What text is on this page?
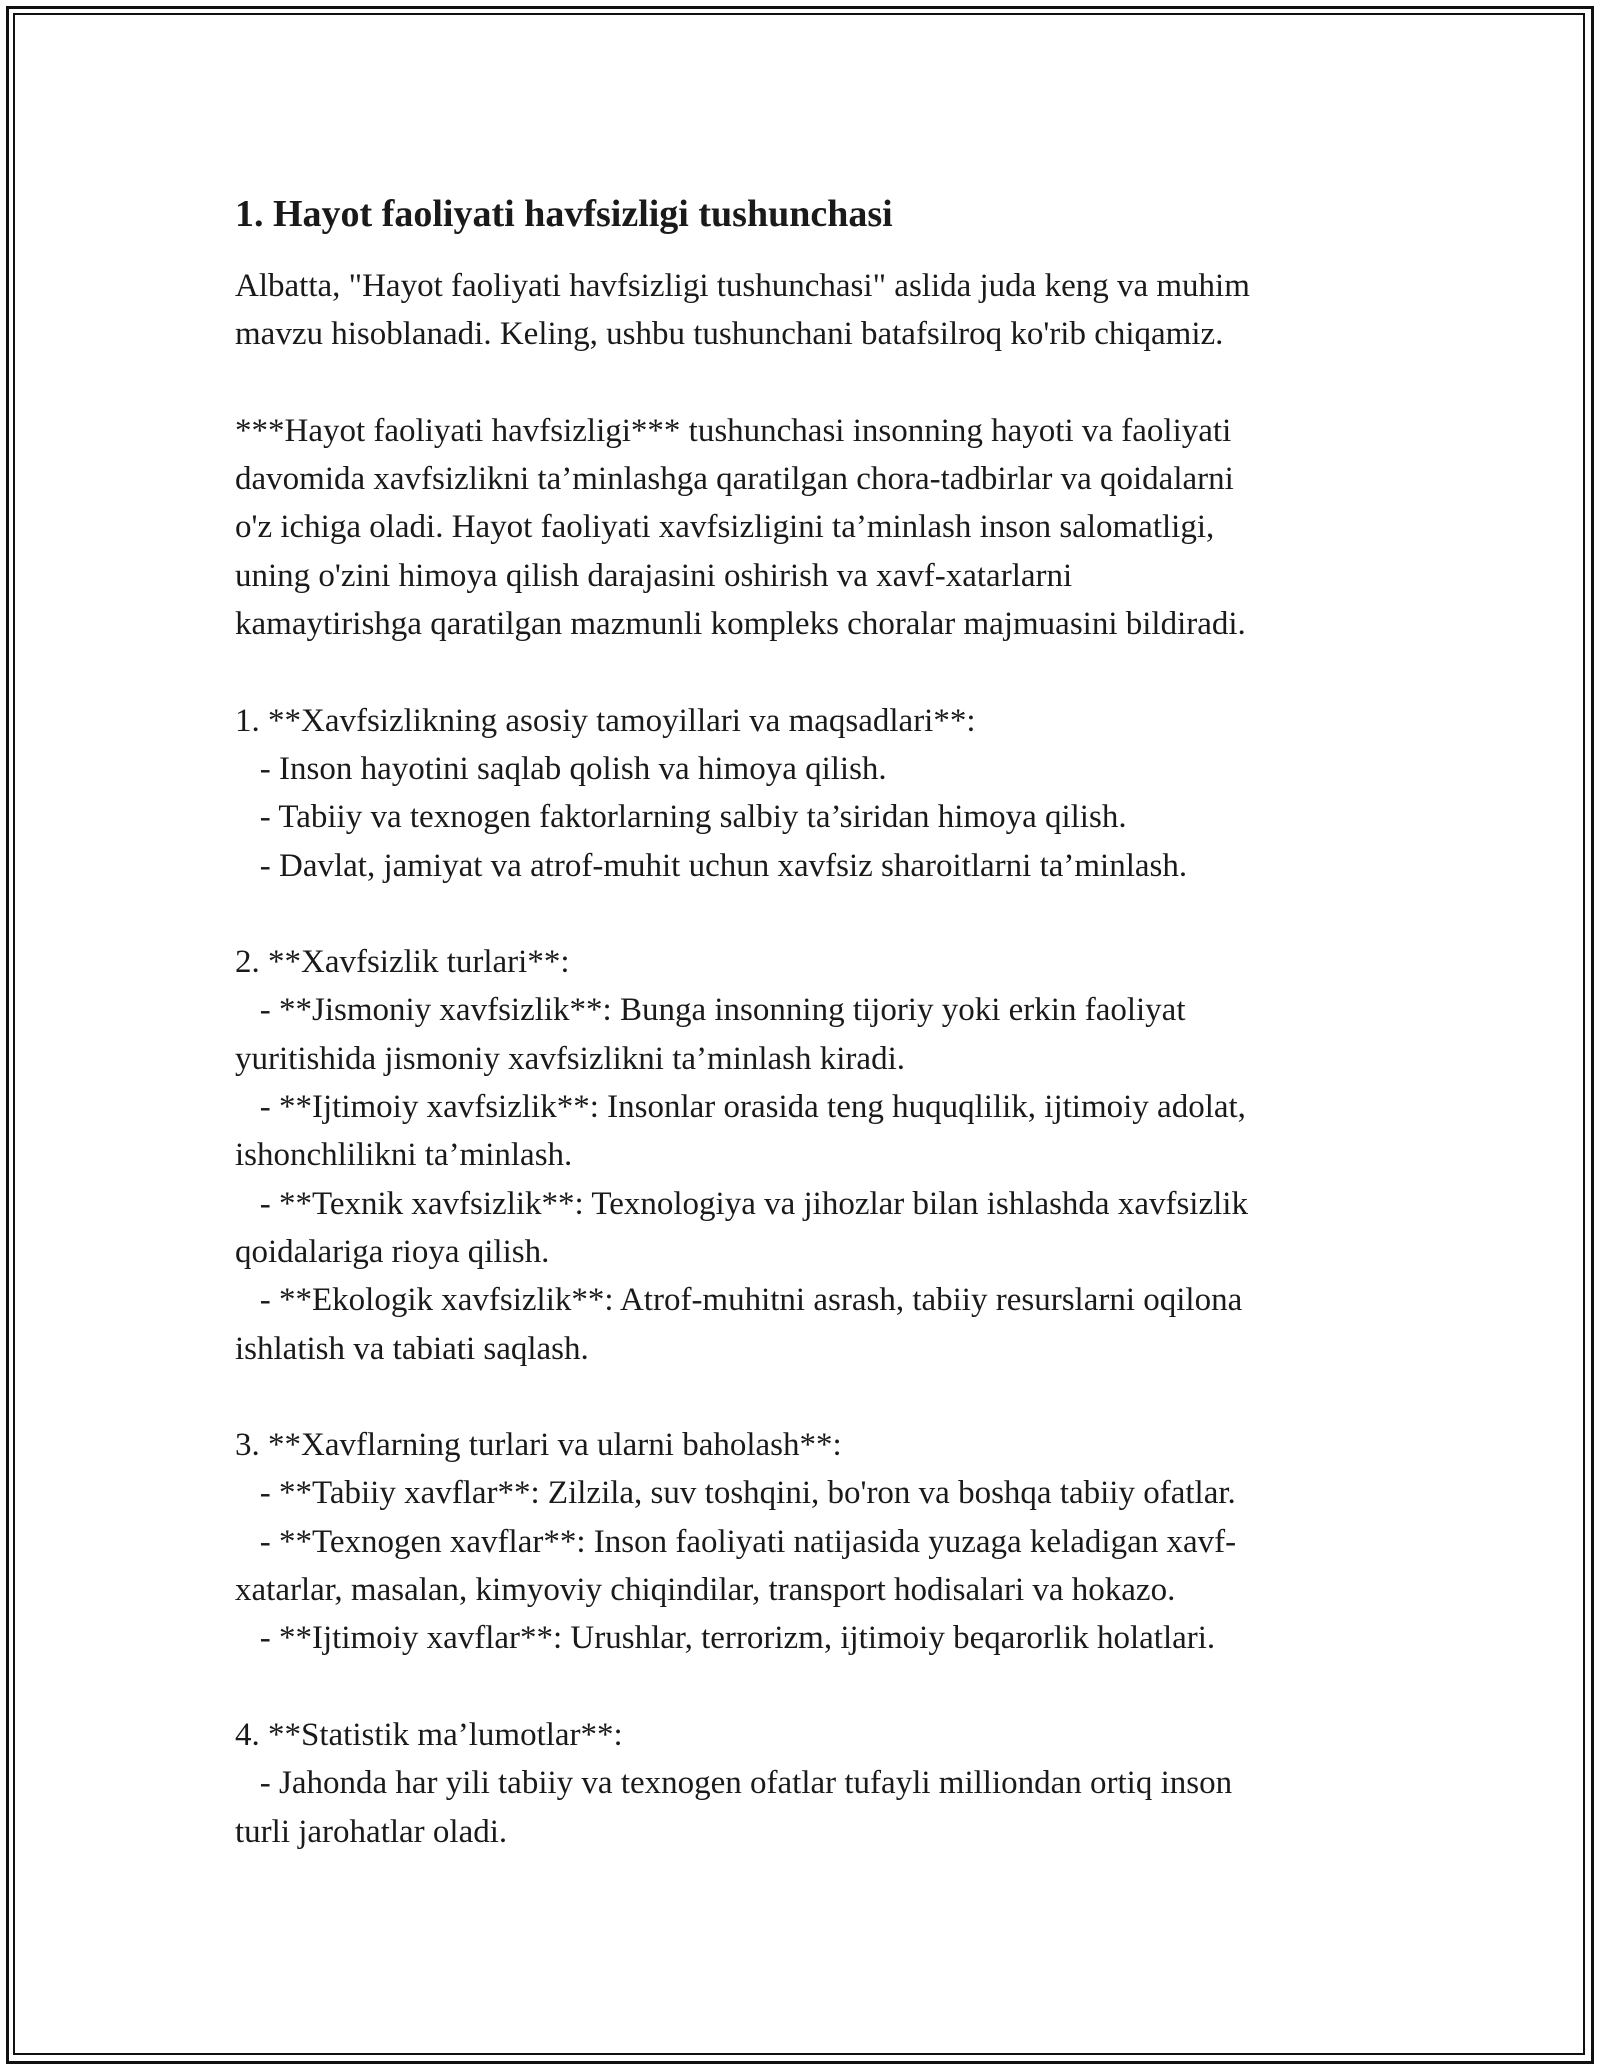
1. Hayot faoliyati havfsizligi tushunchasi

Albatta, "Hayot faoliyati havfsizligi tushunchasi" aslida juda keng va muhim
mavzu hisoblanadi. Keling, ushbu tushunchani batafsilroq ko'rib chiqamiz.

***Hayot faoliyati havfsizligi*** tushunchasi insonning hayoti va faoliyati
davomida xavfsizlikni ta’minlashga qaratilgan chora-tadbirlar va qoidalarni
o'z ichiga oladi. Hayot faoliyati xavfsizligini ta’minlash inson salomatligi,
uning o'zini himoya qilish darajasini oshirish va xavf-xatarlarni
kamaytirishga qaratilgan mazmunli kompleks choralar majmuasini bildiradi.

1. **Xavfsizlikning asosiy tamoyillari va maqsadlari**:
- Inson hayotini saqlab qolish va himoya qilish.
- Tabiiy va texnogen faktorlarning salbiy ta’siridan himoya qilish.
- Davlat, jamiyat va atrof-muhit uchun xavfsiz sharoitlarni ta’minlash.

2. **Xavfsizlik turlari**:
- **Jismoniy xavfsizlik**: Bunga insonning tijoriy yoki erkin faoliyat
yuritishida jismoniy xavfsizlikni ta’minlash kiradi.
- **Ijtimoiy xavfsizlik**: Insonlar orasida teng huquqlilik, ijtimoiy adolat,
ishonchlilikni ta’minlash.
- **Texnik xavfsizlik**: Texnologiya va jihozlar bilan ishlashda xavfsizlik
qoidalariga rioya qilish.
- **Ekologik xavfsizlik**: Atrof-muhitni asrash, tabiiy resurslarni oqilona
ishlatish va tabiati saqlash.

3. **Xavflarning turlari va ularni baholash**:
- **Tabiiy xavflar**: Zilzila, suv toshqini, bo'ron va boshqa tabiiy ofatlar.
- **Texnogen xavflar**: Inson faoliyati natijasida yuzaga keladigan xavf-
xatarlar, masalan, kimyoviy chiqindilar, transport hodisalari va hokazo.
- **Ijtimoiy xavflar**: Urushlar, terrorizm, ijtimoiy beqarorlik holatlari.

4. **Statistik ma’lumotlar**:
- Jahonda har yili tabiiy va texnogen ofatlar tufayli milliondan ortiq inson
turli jarohatlar oladi.
